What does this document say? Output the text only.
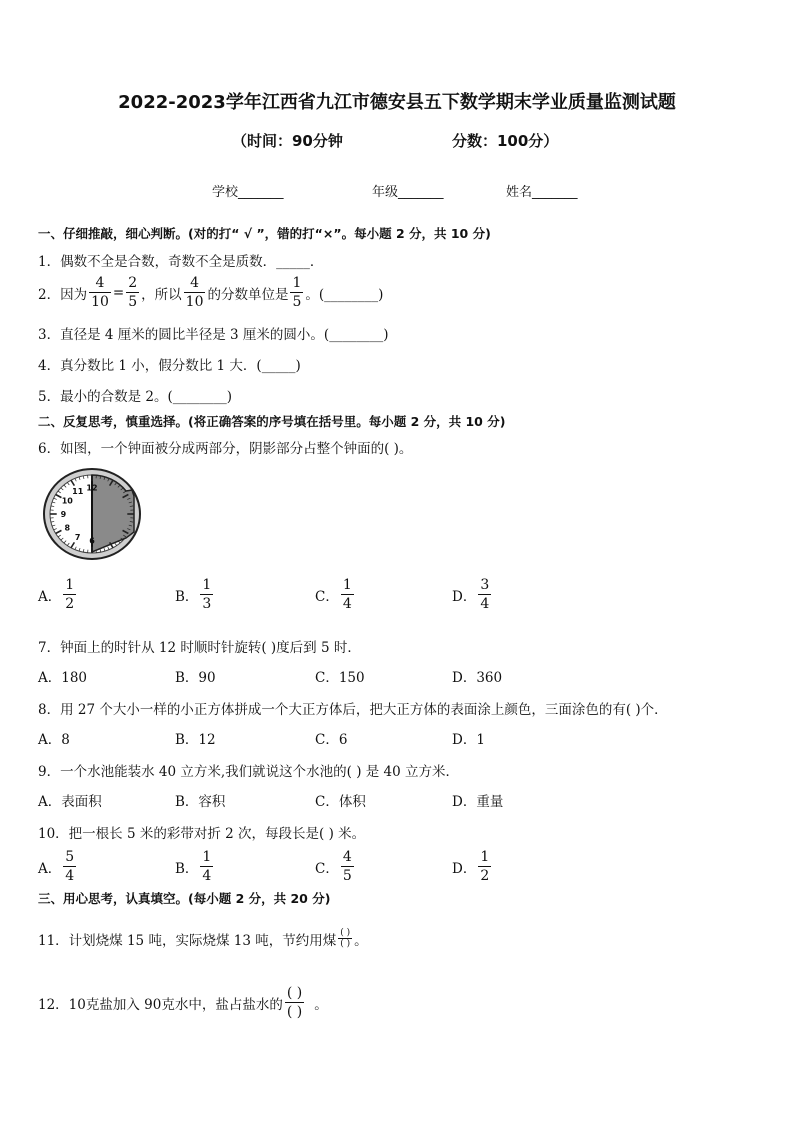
2022-2023学年江西省九江市德安县五下数学期末学业质量监测试题
（时间：90分钟	分数：100分）
学校_______	年级_______	姓名_______
一、仔细推敲，细心判断。(对的打“ √ ”，错的打“×”。每小题 2 分，共 10 分)
1．偶数不全是合数，奇数不全是质数．_____．
2．因为 $\frac{4}{10} = \frac{2}{5}$ ，所以 $\frac{4}{10}$ 的分数单位是 $\frac{1}{5}$ 。(________)
3．直径是 4 厘米的圆比半径是 3 厘米的圆小。(________)
4．真分数比 1 小，假分数比 1 大．(_____)
5．最小的合数是 2。(________)
二、反复思考，慎重选择。(将正确答案的序号填在括号里。每小题 2 分，共 10 分)
6．如图，一个钟面被分成两部分，阴影部分占整个钟面的( )。
12
6
7
8
9
10
11
A． $\frac{1}{2}$	B． $\frac{1}{3}$	C． $\frac{1}{4}$	D． $\frac{3}{4}$
7．钟面上的时针从 12 时顺时针旋转( )度后到 5 时．
A．180	B．90	C．150	D．360
8．用 27 个大小一样的小正方体拼成一个大正方体后，把大正方体的表面涂上颜色，三面涂色的有( )个．
A．8	B．12	C．6	D．1
9．一个水池能装水 40 立方米,我们就说这个水池的( ) 是 40 立方米．
A．表面积	B．容积	C．体积	D．重量
10．把一根长 5 米的彩带对折 2 次，每段长是( ) 米。
A． $\frac{5}{4}$	B． $\frac{1}{4}$	C． $\frac{4}{5}$	D． $\frac{1}{2}$
三、用心思考，认真填空。(每小题 2 分，共 20 分)
11．计划烧煤 15 吨，实际烧煤 13 吨，节约用煤 $\frac{( )}{( )}$ 。
12．10克盐加入 90克水中，盐占盐水的 $\frac{( )}{( )}$ 。
